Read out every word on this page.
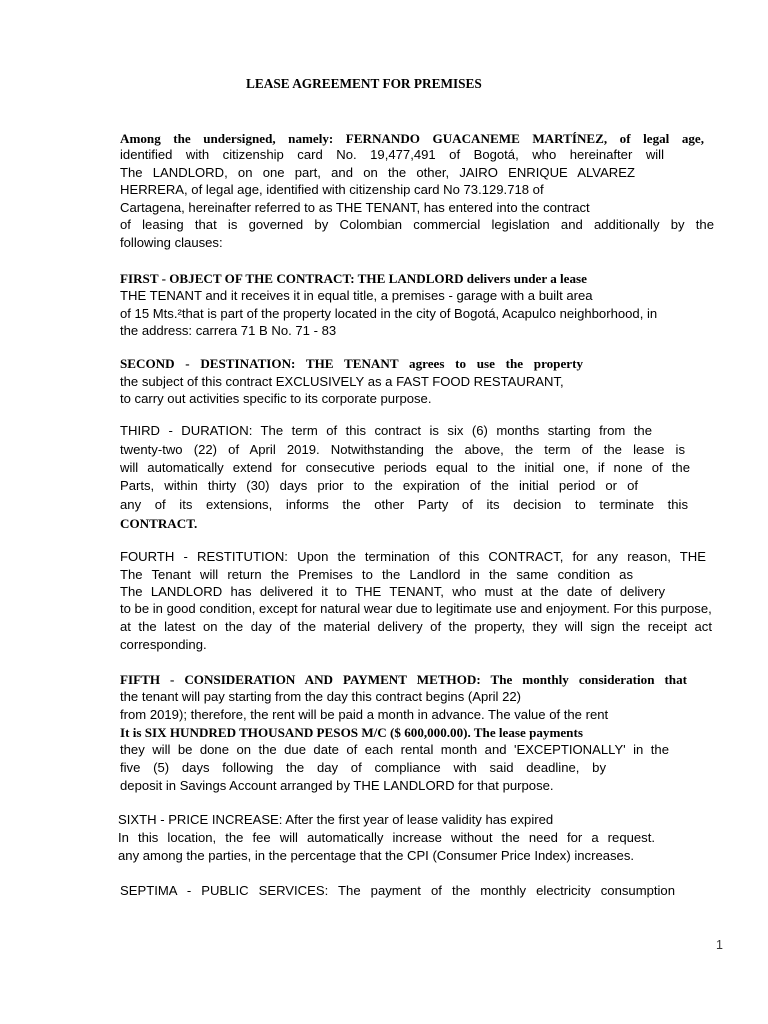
LEASE AGREEMENT FOR PREMISES
Among the undersigned, namely: FERNANDO GUACANEME MARTÍNEZ, of legal age,
identified with citizenship card No. 19,477,491 of Bogotá, who hereinafter will
The LANDLORD, on one part, and on the other, JAIRO ENRIQUE ALVAREZ
HERRERA, of legal age, identified with citizenship card No 73.129.718 of
Cartagena, hereinafter referred to as THE TENANT, has entered into the contract
of leasing that is governed by Colombian commercial legislation and additionally by the
following clauses:
FIRST - OBJECT OF THE CONTRACT: THE LANDLORD delivers under a lease
THE TENANT and it receives it in equal title, a premises - garage with a built area
of 15 Mts.²that is part of the property located in the city of Bogotá, Acapulco neighborhood, in
the address: carrera 71 B No. 71 - 83
SECOND - DESTINATION: THE TENANT agrees to use the property
the subject of this contract EXCLUSIVELY as a FAST FOOD RESTAURANT,
to carry out activities specific to its corporate purpose.
THIRD - DURATION: The term of this contract is six (6) months starting from the
twenty-two (22) of April 2019. Notwithstanding the above, the term of the lease is
will automatically extend for consecutive periods equal to the initial one, if none of the
Parts, within thirty (30) days prior to the expiration of the initial period or of
any of its extensions, informs the other Party of its decision to terminate this
CONTRACT.
FOURTH - RESTITUTION: Upon the termination of this CONTRACT, for any reason, THE
The Tenant will return the Premises to the Landlord in the same condition as
The LANDLORD has delivered it to THE TENANT, who must at the date of delivery
to be in good condition, except for natural wear due to legitimate use and enjoyment. For this purpose,
at the latest on the day of the material delivery of the property, they will sign the receipt act
corresponding.
FIFTH - CONSIDERATION AND PAYMENT METHOD: The monthly consideration that
the tenant will pay starting from the day this contract begins (April 22)
from 2019); therefore, the rent will be paid a month in advance. The value of the rent
It is SIX HUNDRED THOUSAND PESOS M/C ($ 600,000.00). The lease payments
they will be done on the due date of each rental month and 'EXCEPTIONALLY' in the
five (5) days following the day of compliance with said deadline, by
deposit in Savings Account arranged by THE LANDLORD for that purpose.
SIXTH - PRICE INCREASE: After the first year of lease validity has expired
In this location, the fee will automatically increase without the need for a request.
any among the parties, in the percentage that the CPI (Consumer Price Index) increases.
SEPTIMA - PUBLIC SERVICES: The payment of the monthly electricity consumption
1
